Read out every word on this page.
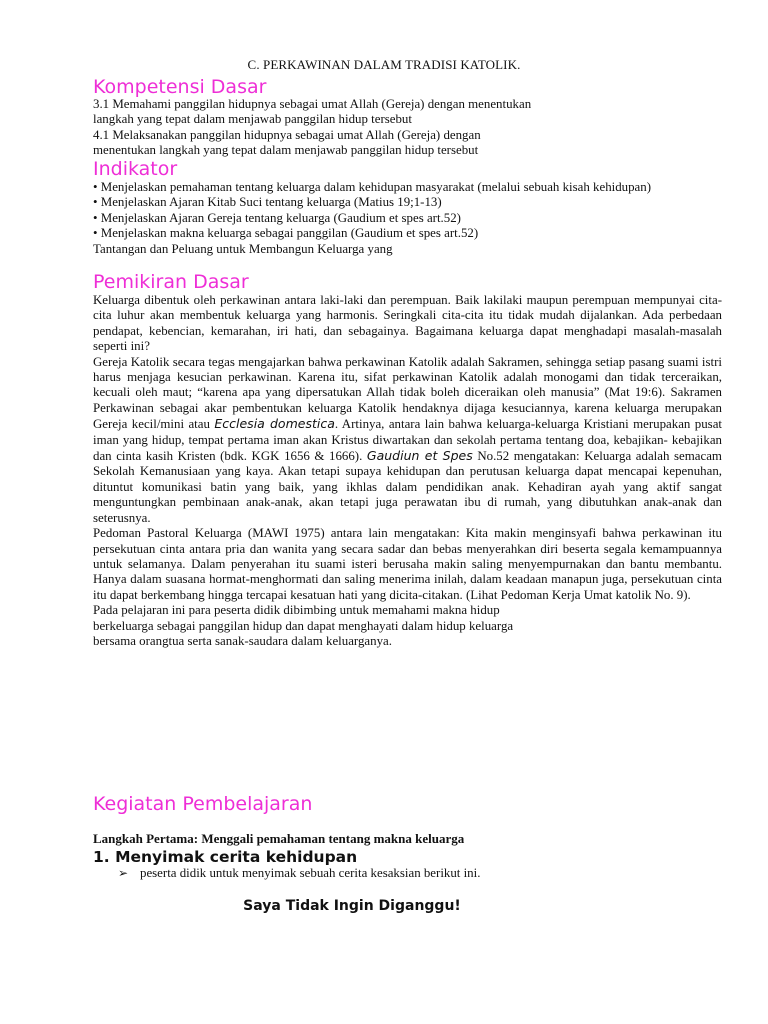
C. PERKAWINAN DALAM TRADISI KATOLIK.
Kompetensi Dasar
3.1 Memahami panggilan hidupnya sebagai umat Allah (Gereja) dengan menentukan
langkah yang tepat dalam menjawab panggilan hidup tersebut
4.1 Melaksanakan panggilan hidupnya sebagai umat Allah (Gereja) dengan
menentukan langkah yang tepat dalam menjawab panggilan hidup tersebut
Indikator
• Menjelaskan pemahaman tentang keluarga dalam kehidupan masyarakat (melalui sebuah kisah kehidupan)
• Menjelaskan Ajaran Kitab Suci tentang keluarga (Matius 19;1-13)
• Menjelaskan Ajaran Gereja tentang keluarga (Gaudium et spes art.52)
• Menjelaskan makna keluarga sebagai panggilan (Gaudium et spes art.52)
Tantangan dan Peluang untuk Membangun Keluarga yang
Pemikiran Dasar

Keluarga dibentuk oleh perkawinan antara laki-laki dan perempuan. Baik lakilaki maupun perempuan mempunyai cita-cita luhur akan membentuk keluarga yang harmonis. Seringkali cita-cita itu tidak mudah dijalankan. Ada perbedaan pendapat, kebencian, kemarahan, iri hati, dan sebagainya. Bagaimana keluarga dapat menghadapi masalah-masalah seperti ini?

Gereja Katolik secara tegas mengajarkan bahwa perkawinan Katolik adalah Sakramen, sehingga setiap pasang suami istri harus menjaga kesucian perkawinan. Karena itu, sifat perkawinan Katolik adalah monogami dan tidak terceraikan, kecuali oleh maut; “karena apa yang dipersatukan Allah tidak boleh diceraikan oleh manusia” (Mat 19:6). Sakramen Perkawinan sebagai akar pembentukan keluarga Katolik hendaknya dijaga kesuciannya, karena keluarga merupakan Gereja kecil/mini atau Ecclesia domestica. Artinya, antara lain bahwa keluarga-keluarga Kristiani merupakan pusat iman yang hidup, tempat pertama iman akan Kristus diwartakan dan sekolah pertama tentang doa, kebajikan- kebajikan dan cinta kasih Kristen (bdk. KGK 1656 & 1666). Gaudiun et Spes No.52 mengatakan: Keluarga adalah semacam Sekolah Kemanusiaan yang kaya. Akan tetapi supaya kehidupan dan perutusan keluarga dapat mencapai kepenuhan, dituntut komunikasi batin yang baik, yang ikhlas dalam pendidikan anak. Kehadiran ayah yang aktif sangat menguntungkan pembinaan anak-anak, akan tetapi juga perawatan ibu di rumah, yang dibutuhkan anak-anak dan seterusnya.

Pedoman Pastoral Keluarga (MAWI 1975) antara lain mengatakan: Kita makin menginsyafi bahwa perkawinan itu persekutuan cinta antara pria dan wanita yang secara sadar dan bebas menyerahkan diri beserta segala kemampuannya untuk selamanya. Dalam penyerahan itu suami isteri berusaha makin saling menyempurnakan dan bantu membantu. Hanya dalam suasana hormat-menghormati dan saling menerima inilah, dalam keadaan manapun juga, persekutuan cinta itu dapat berkembang hingga tercapai kesatuan hati yang dicita-citakan. (Lihat Pedoman Kerja Umat katolik No. 9).

Pada pelajaran ini para peserta didik dibimbing untuk memahami makna hidup
berkeluarga sebagai panggilan hidup dan dapat menghayati dalam hidup keluarga
bersama orangtua serta sanak-saudara dalam keluarganya.
Kegiatan Pembelajaran
Langkah Pertama: Menggali pemahaman tentang makna keluarga
1. Menyimak cerita kehidupan
➢ peserta didik untuk menyimak sebuah cerita kesaksian berikut ini.
Saya Tidak Ingin Diganggu!
